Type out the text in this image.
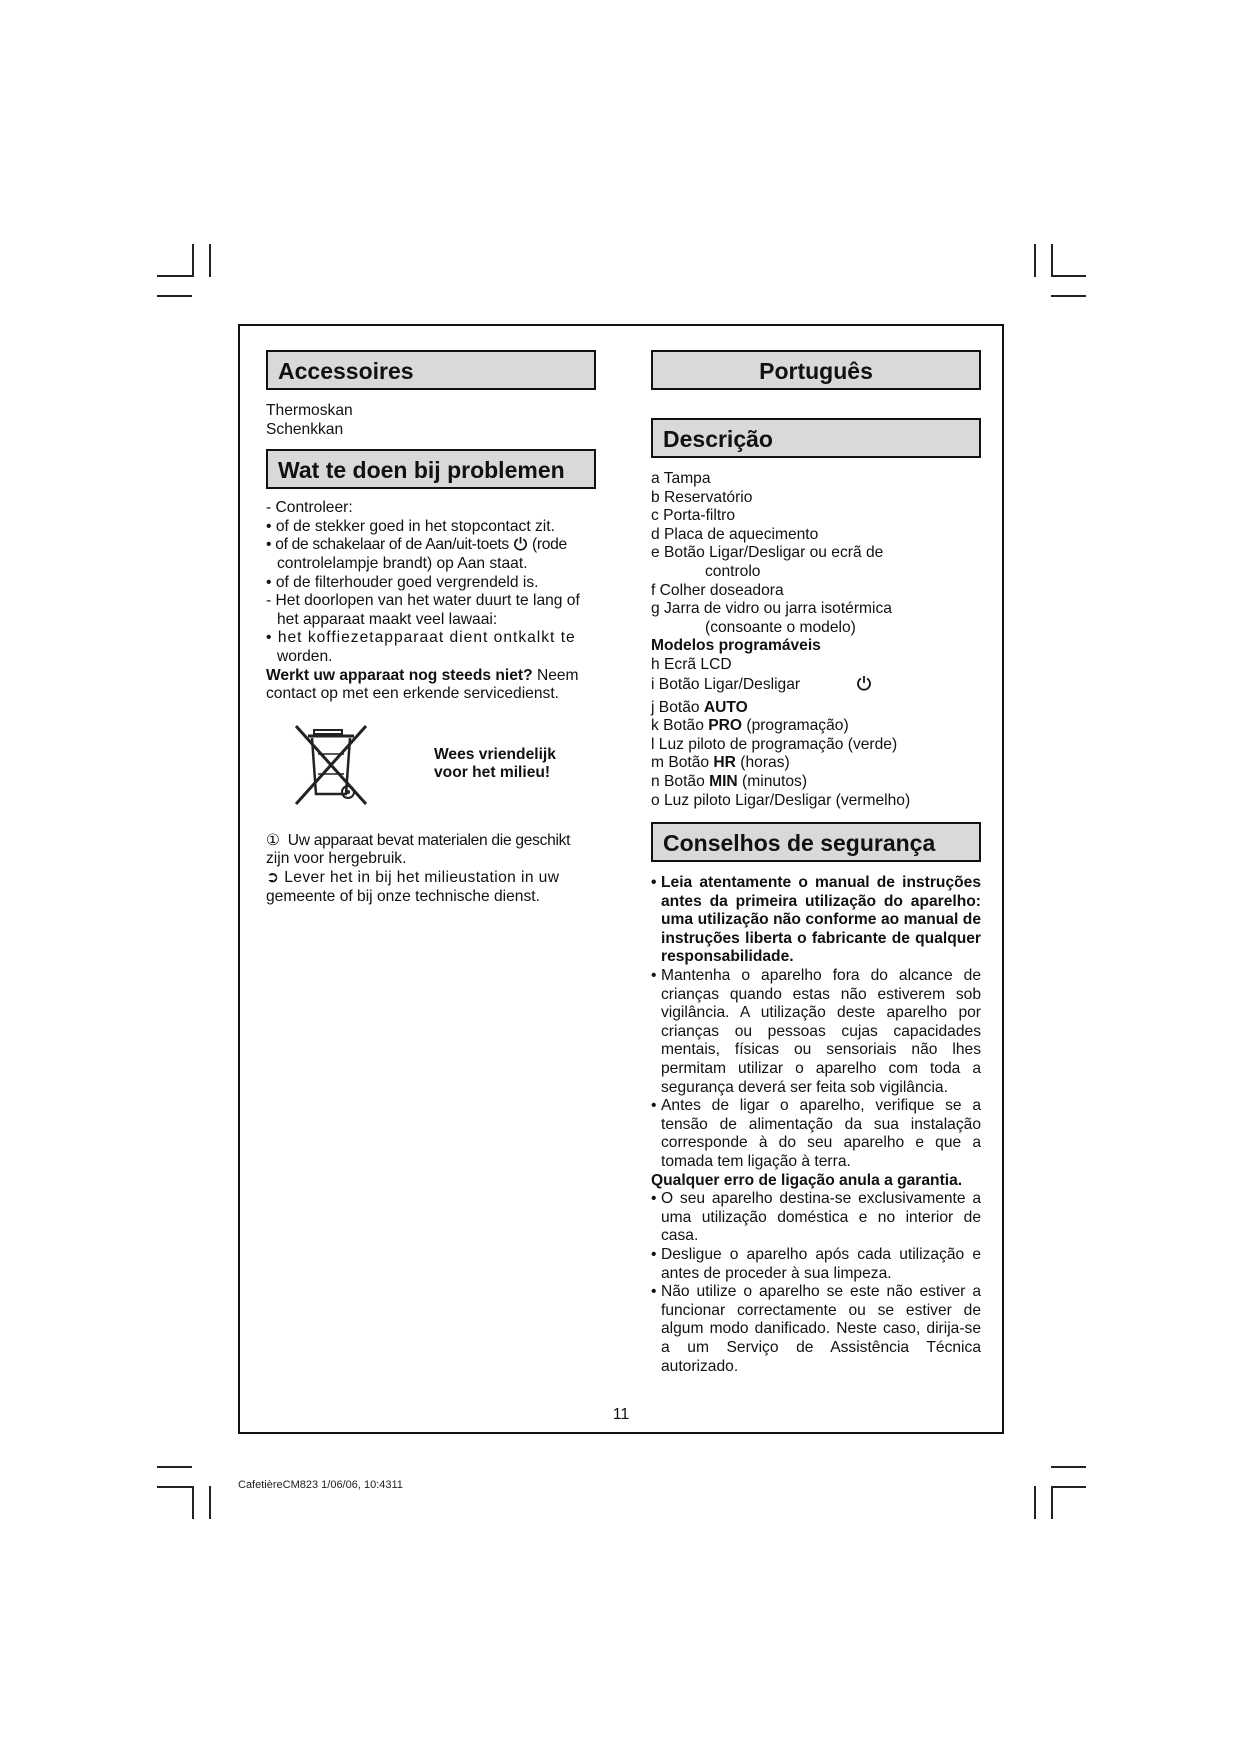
Accessoires
Thermoskan
Schenkkan
Wat te doen bij problemen
- Controleer:
• of de stekker goed in het stopcontact zit.
• of de schakelaar of de Aan/uit-toets (rode
controlelampje brandt) op Aan staat.
• of de filterhouder goed vergrendeld is.
- Het doorlopen van het water duurt te lang of
het apparaat maakt veel lawaai:
• het koffiezetapparaat dient ontkalkt te
worden.
Werkt uw apparaat nog steeds niet? Neem
contact op met een erkende servicedienst.
Wees vriendelijk
voor het milieu!
① Uw apparaat bevat materialen die geschikt
zijn voor hergebruik.
➲ Lever het in bij het milieustation in uw
gemeente of bij onze technische dienst.
Português
Descrição
a Tampa
b Reservatório
c Porta-filtro
d Placa de aquecimento
e Botão Ligar/Desligar ou ecrã de
controlo
f Colher doseadora
g Jarra de vidro ou jarra isotérmica
(consoante o modelo)
Modelos programáveis
h Ecrã LCD
i Botão Ligar/Desligar
j Botão AUTO
k Botão PRO (programação)
l Luz piloto de programação (verde)
m Botão HR (horas)
n Botão MIN (minutos)
o Luz piloto Ligar/Desligar (vermelho)
Conselhos de segurança
• Leia atentamente o manual de instruções antes da primeira utilização do aparelho: uma utilização não conforme ao manual de instruções liberta o fabricante de qualquer responsabilidade.
• Mantenha o aparelho fora do alcance de crianças quando estas não estiverem sob vigilância. A utilização deste aparelho por crianças ou pessoas cujas capacidades mentais, físicas ou sensoriais não lhes permitam utilizar o aparelho com toda a segurança deverá ser feita sob vigilância.
• Antes de ligar o aparelho, verifique se a tensão de alimentação da sua instalação corresponde à do seu aparelho e que a tomada tem ligação à terra.
Qualquer erro de ligação anula a garantia.
• O seu aparelho destina-se exclusivamente a uma utilização doméstica e no interior de casa.
• Desligue o aparelho após cada utilização e antes de proceder à sua limpeza.
• Não utilize o aparelho se este não estiver a funcionar correctamente ou se estiver de algum modo danificado. Neste caso, dirija-se a um Serviço de Assistência Técnica autorizado.
11
CafetièreCM823 1/06/06, 10:4311
